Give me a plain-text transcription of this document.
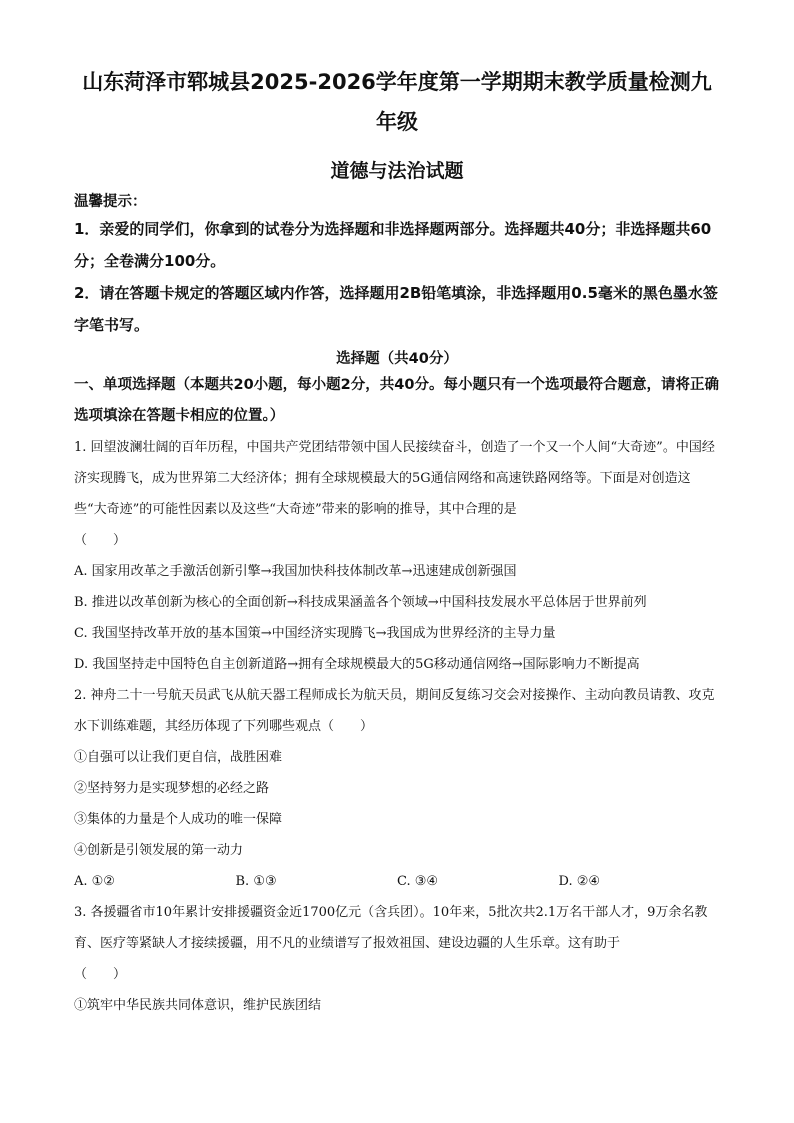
山东菏泽市郓城县2025-2026学年度第一学期期末教学质量检测九年级
道德与法治试题
温馨提示：

1．亲爱的同学们，你拿到的试卷分为选择题和非选择题两部分。选择题共40分；非选择题共60分；全卷满分100分。

2．请在答题卡规定的答题区域内作答，选择题用2B铅笔填涂，非选择题用0.5毫米的黑色墨水签字笔书写。

选择题（共40分）

一、单项选择题（本题共20小题，每小题2分，共40分。每小题只有一个选项最符合题意，请将正确选项填涂在答题卡相应的位置。）

1. 回望波澜壮阔的百年历程，中国共产党团结带领中国人民接续奋斗，创造了一个又一个人间“大奇迹”。中国经济实现腾飞，成为世界第二大经济体；拥有全球规模最大的5G通信网络和高速铁路网络等。下面是对创造这些“大奇迹”的可能性因素以及这些“大奇迹”带来的影响的推导，其中合理的是

（　　）

A. 国家用改革之手激活创新引擎→我国加快科技体制改革→迅速建成创新强国

B. 推进以改革创新为核心的全面创新→科技成果涵盖各个领域→中国科技发展水平总体居于世界前列

C. 我国坚持改革开放的基本国策→中国经济实现腾飞→我国成为世界经济的主导力量

D. 我国坚持走中国特色自主创新道路→拥有全球规模最大的5G移动通信网络→国际影响力不断提高

2. 神舟二十一号航天员武飞从航天器工程师成长为航天员，期间反复练习交会对接操作、主动向教员请教、攻克水下训练难题，其经历体现了下列哪些观点（　　）

①自强可以让我们更自信，战胜困难

②坚持努力是实现梦想的必经之路

③集体的力量是个人成功的唯一保障

④创新是引领发展的第一动力

A. ①②	B. ①③	C. ③④	D. ②④

3. 各援疆省市10年累计安排援疆资金近1700亿元（含兵团）。10年来，5批次共2.1万名干部人才，9万余名教育、医疗等紧缺人才接续援疆，用不凡的业绩谱写了报效祖国、建设边疆的人生乐章。这有助于

（　　）

①筑牢中华民族共同体意识，维护民族团结
